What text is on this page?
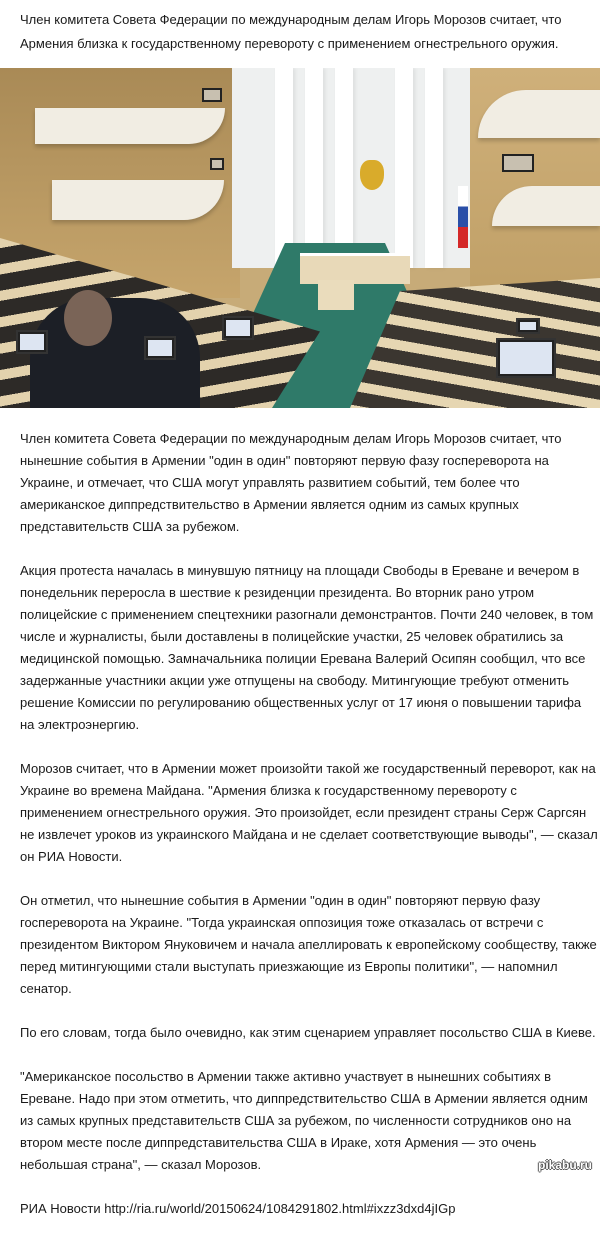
Член комитета Совета Федерации по международным делам Игорь Морозов считает, что Армения близка к государственному перевороту с применением огнестрельного оружия.

Член комитета Совета Федерации по международным делам Игорь Морозов считает, что нынешние события в Армении "один в один" повторяют первую фазу госпереворота на Украине, и отмечает, что США могут управлять развитием событий, тем более что американское диппредствительство в Армении является одним из самых крупных представительств США за рубежом.

Акция протеста началась в минувшую пятницу на площади Свободы в Ереване и вечером в понедельник переросла в шествие к резиденции президента. Во вторник рано утром полицейские с применением спецтехники разогнали демонстрантов. Почти 240 человек, в том числе и журналисты, были доставлены в полицейские участки, 25 человек обратились за медицинской помощью. Замначальника полиции Еревана Валерий Осипян сообщил, что все задержанные участники акции уже отпущены на свободу. Митингующие требуют отменить решение Комиссии по регулированию общественных услуг от 17 июня о повышении тарифа на электроэнергию.

Морозов считает, что в Армении может произойти такой же государственный переворот, как на Украине во времена Майдана. "Армения близка к государственному перевороту с применением огнестрельного оружия. Это произойдет, если президент страны Серж Саргсян не извлечет уроков из украинского Майдана и не сделает соответствующие выводы", — сказал он РИА Новости.

Он отметил, что нынешние события в Армении "один в один" повторяют первую фазу госпереворота на Украине. "Тогда украинская оппозиция тоже отказалась от встречи с президентом Виктором Януковичем и начала апеллировать к европейскому сообществу, также перед митингующими стали выступать приезжающие из Европы политики", — напомнил сенатор.

По его словам, тогда было очевидно, как этим сценарием управляет посольство США в Киеве.

"Американское посольство в Армении также активно участвует в нынешних событиях в Ереване. Надо при этом отметить, что диппредствительство США в Армении является одним из самых крупных представительств США за рубежом, по численности сотрудников оно на втором месте после диппредставительства США в Ираке, хотя Армения — это очень небольшая страна", — сказал Морозов.

РИА Новости http://ria.ru/world/20150624/1084291802.html#ixzz3dxd4jIGp

pikabu.ru
